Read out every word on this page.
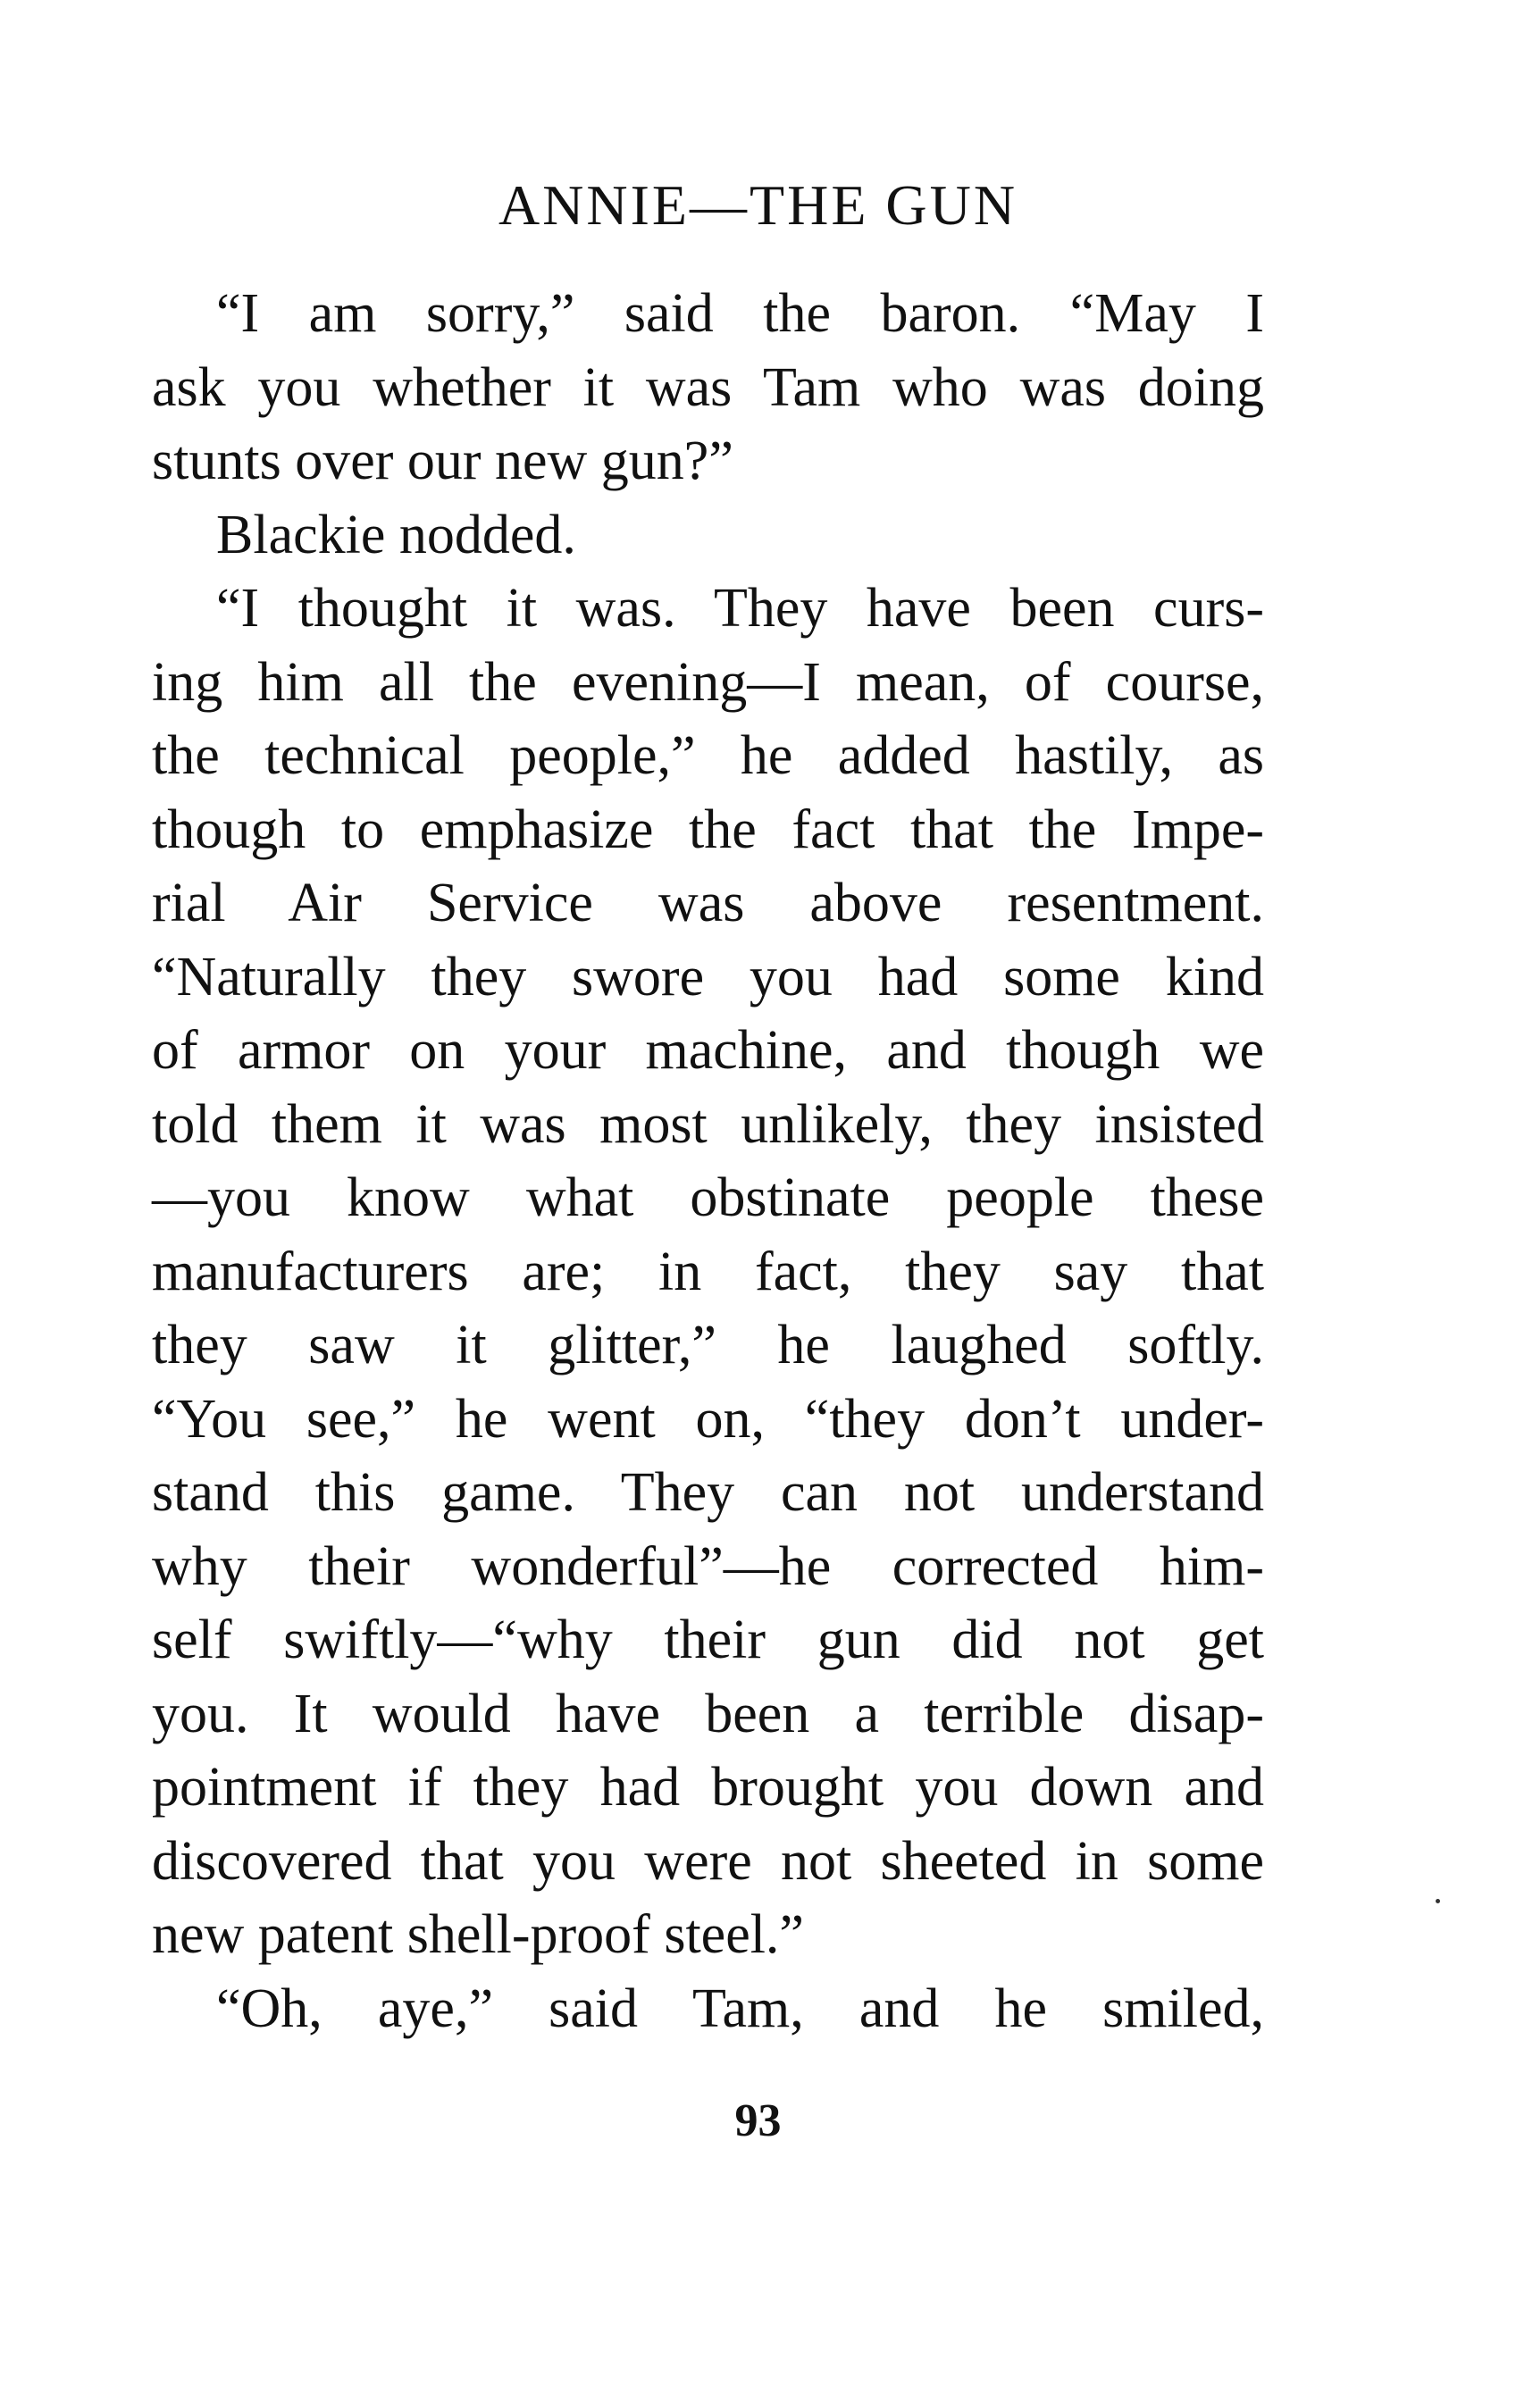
ANNIE—THE GUN
“I am sorry,” said the baron. “May I
ask you whether it was Tam who was doing
stunts over our new gun?”
Blackie nodded.
“I thought it was. They have been curs-
ing him all the evening—I mean, of course,
the technical people,” he added hastily, as
though to emphasize the fact that the Impe-
rial Air Service was above resentment.
“Naturally they swore you had some kind
of armor on your machine, and though we
told them it was most unlikely, they insisted
—you know what obstinate people these
manufacturers are; in fact, they say that
they saw it glitter,” he laughed softly.
“You see,” he went on, “they don’t under-
stand this game. They can not understand
why their wonderful”—he corrected him-
self swiftly—“why their gun did not get
you. It would have been a terrible disap-
pointment if they had brought you down and
discovered that you were not sheeted in some
new patent shell-proof steel.”
“Oh, aye,” said Tam, and he smiled,
93
